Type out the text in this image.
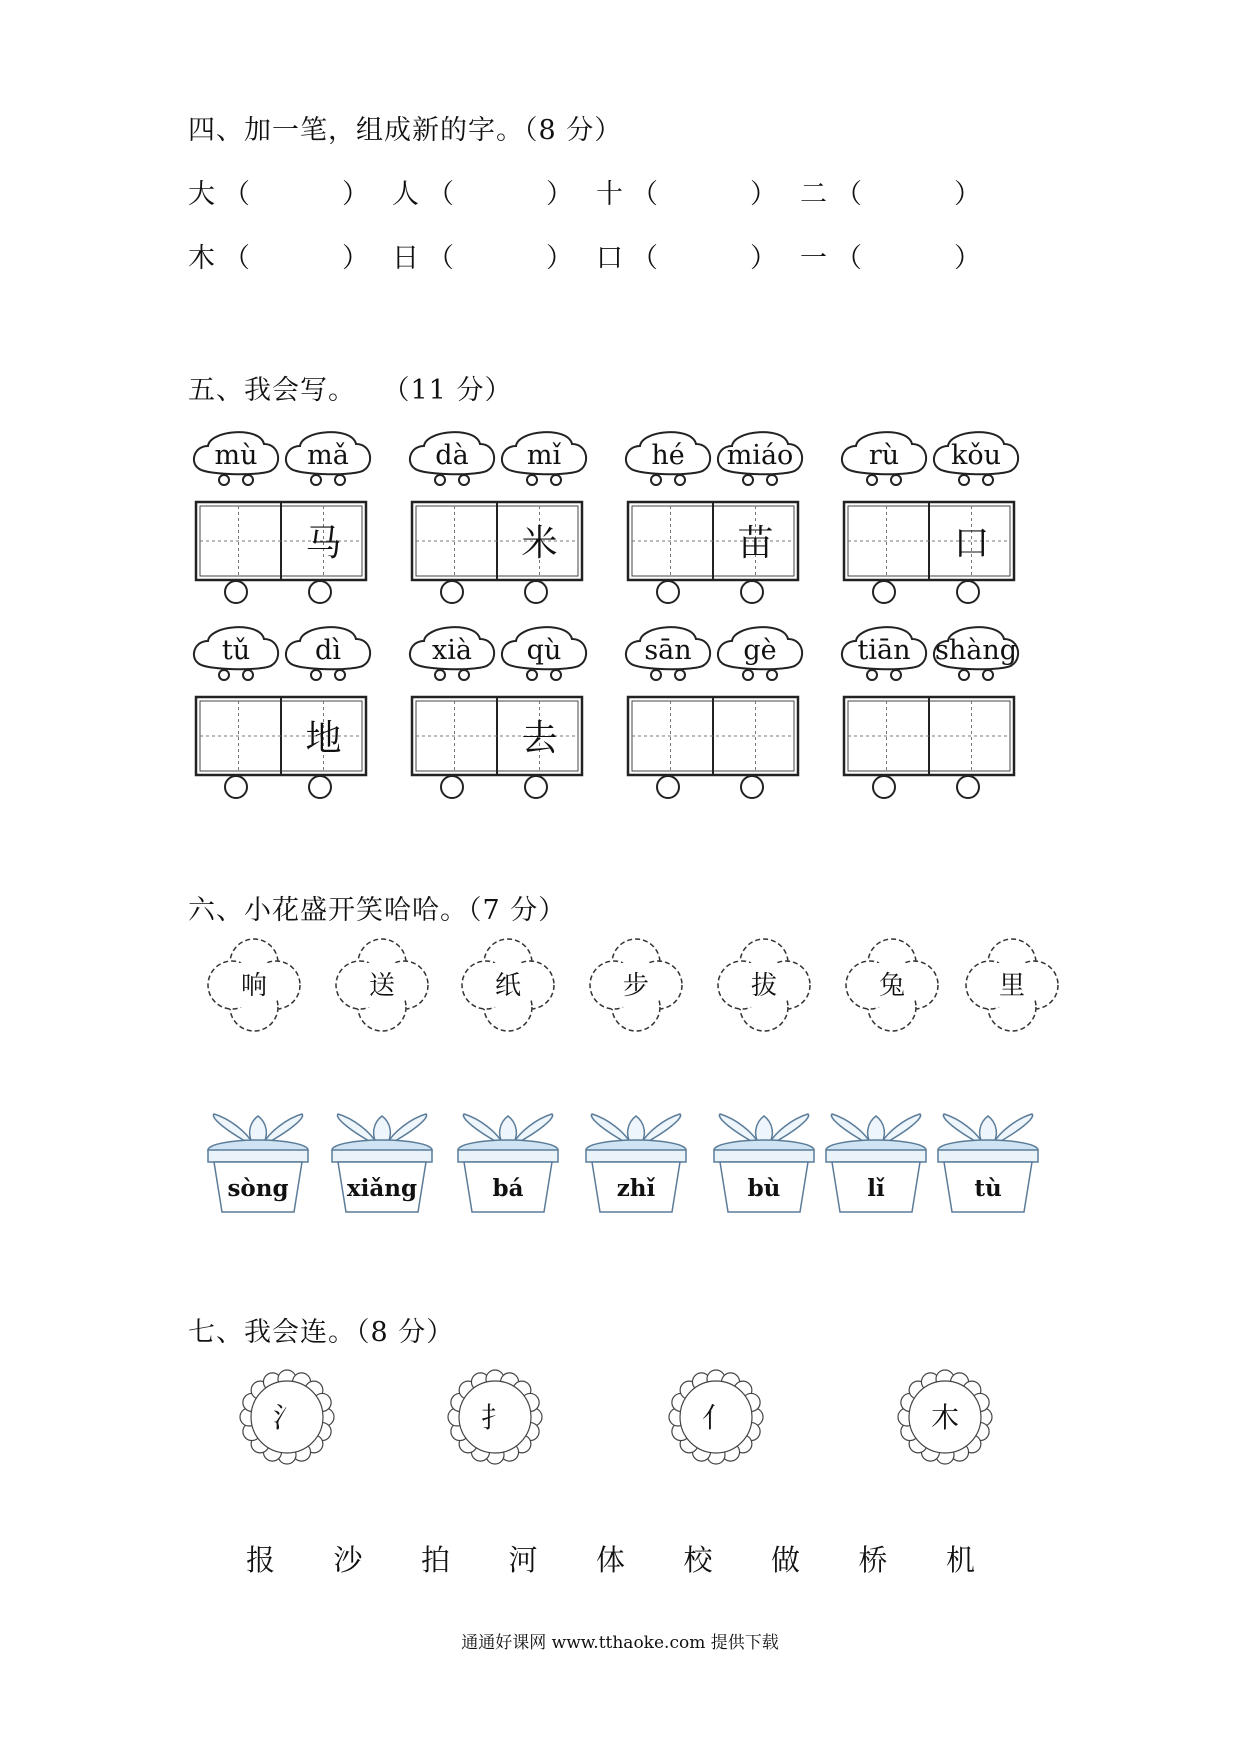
四、加一笔，组成新的字。（8 分）
大 （	） 人 （	） 十 （	） 二 （	）
木 （	） 日 （	） 口 （	） 一 （	）
五、我会写。 （11 分）
mù mǎ
马
dà mǐ
米
hé miáo
苗
rù kǒu
口
tǔ dì
地
xià qù
去
sān gè	tiān shàng
六、小花盛开笑哈哈。（7 分）
响	送	纸	步	拔	兔	里
sòng	xiǎng	bá	zhǐ	bù	lǐ	tù
七、我会连。（8 分）
氵	扌	亻	木
报 沙 拍 河 体 校 做 桥 机
通通好课网 www.tthaoke.com 提供下载
